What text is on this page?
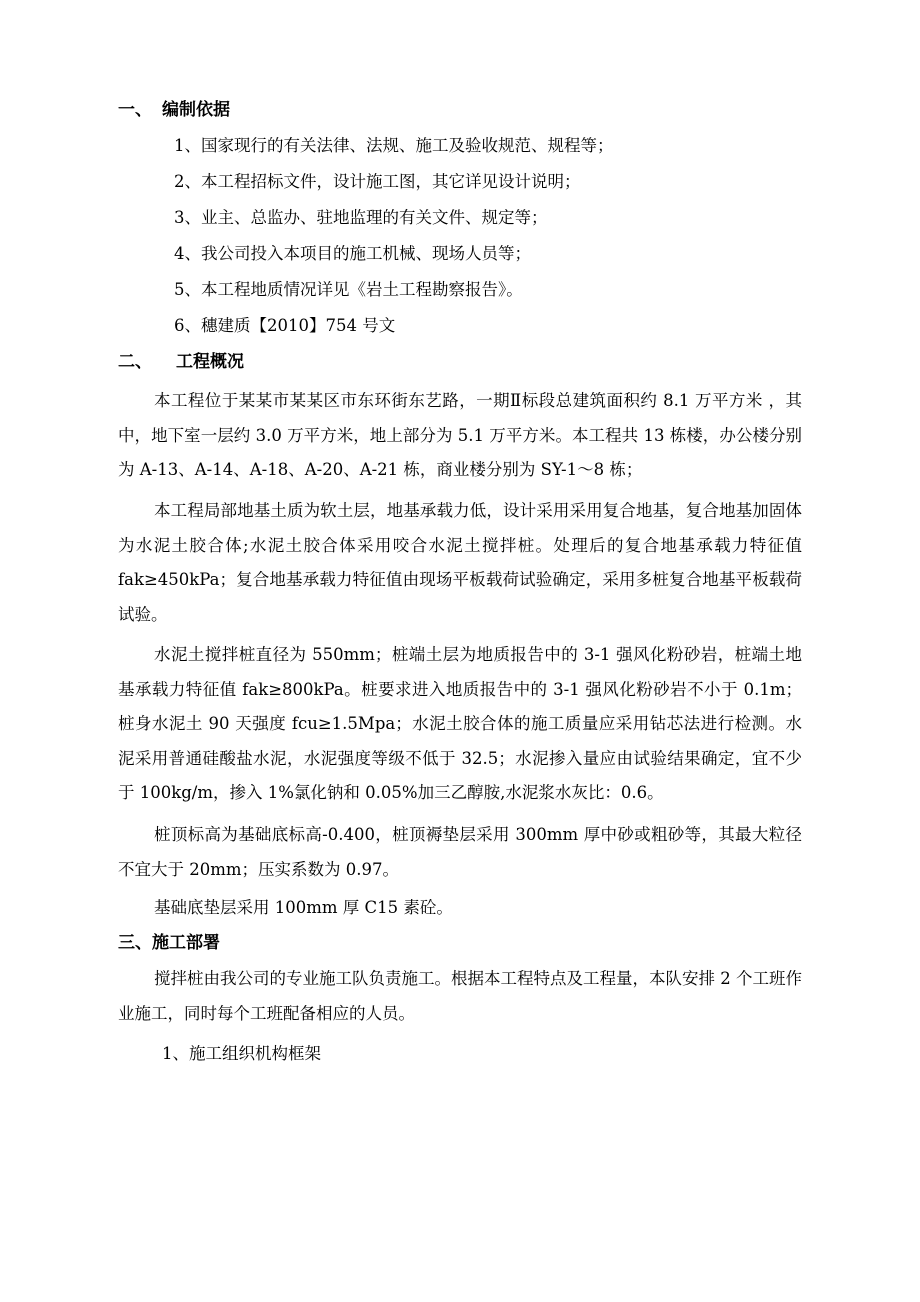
一、 编制依据
1、国家现行的有关法律、法规、施工及验收规范、规程等；
2、本工程招标文件，设计施工图，其它详见设计说明；
3、业主、总监办、驻地监理的有关文件、规定等；
4、我公司投入本项目的施工机械、现场人员等；
5、本工程地质情况详见《岩土工程勘察报告》。
6、穗建质【2010】754 号文
二、 工程概况
本工程位于某某市某某区市东环街东艺路，一期Ⅱ标段总建筑面积约 8.1 万平方米 ，其中，地下室一层约 3.0 万平方米，地上部分为 5.1 万平方米。本工程共 13 栋楼，办公楼分别为 A-13、A-14、A-18、A-20、A-21 栋，商业楼分别为 SY-1～8 栋；
本工程局部地基土质为软土层，地基承载力低，设计采用采用复合地基，复合地基加固体为水泥土胶合体;水泥土胶合体采用咬合水泥土搅拌桩。处理后的复合地基承载力特征值 fak≥450kPa；复合地基承载力特征值由现场平板载荷试验确定，采用多桩复合地基平板载荷试验。
水泥土搅拌桩直径为 550mm；桩端土层为地质报告中的 3-1 强风化粉砂岩，桩端土地基承载力特征值 fak≥800kPa。桩要求进入地质报告中的 3-1 强风化粉砂岩不小于 0.1m；桩身水泥土 90 天强度 fcu≥1.5Mpa；水泥土胶合体的施工质量应采用钻芯法进行检测。水泥采用普通硅酸盐水泥，水泥强度等级不低于 32.5；水泥掺入量应由试验结果确定，宜不少于 100kg/m，掺入 1%氯化钠和 0.05%加三乙醇胺,水泥浆水灰比：0.6。
桩顶标高为基础底标高-0.400，桩顶褥垫层采用 300mm 厚中砂或粗砂等，其最大粒径不宜大于 20mm；压实系数为 0.97。
基础底垫层采用 100mm 厚 C15 素砼。
三、施工部署
搅拌桩由我公司的专业施工队负责施工。根据本工程特点及工程量，本队安排 2 个工班作业施工，同时每个工班配备相应的人员。
1、施工组织机构框架
